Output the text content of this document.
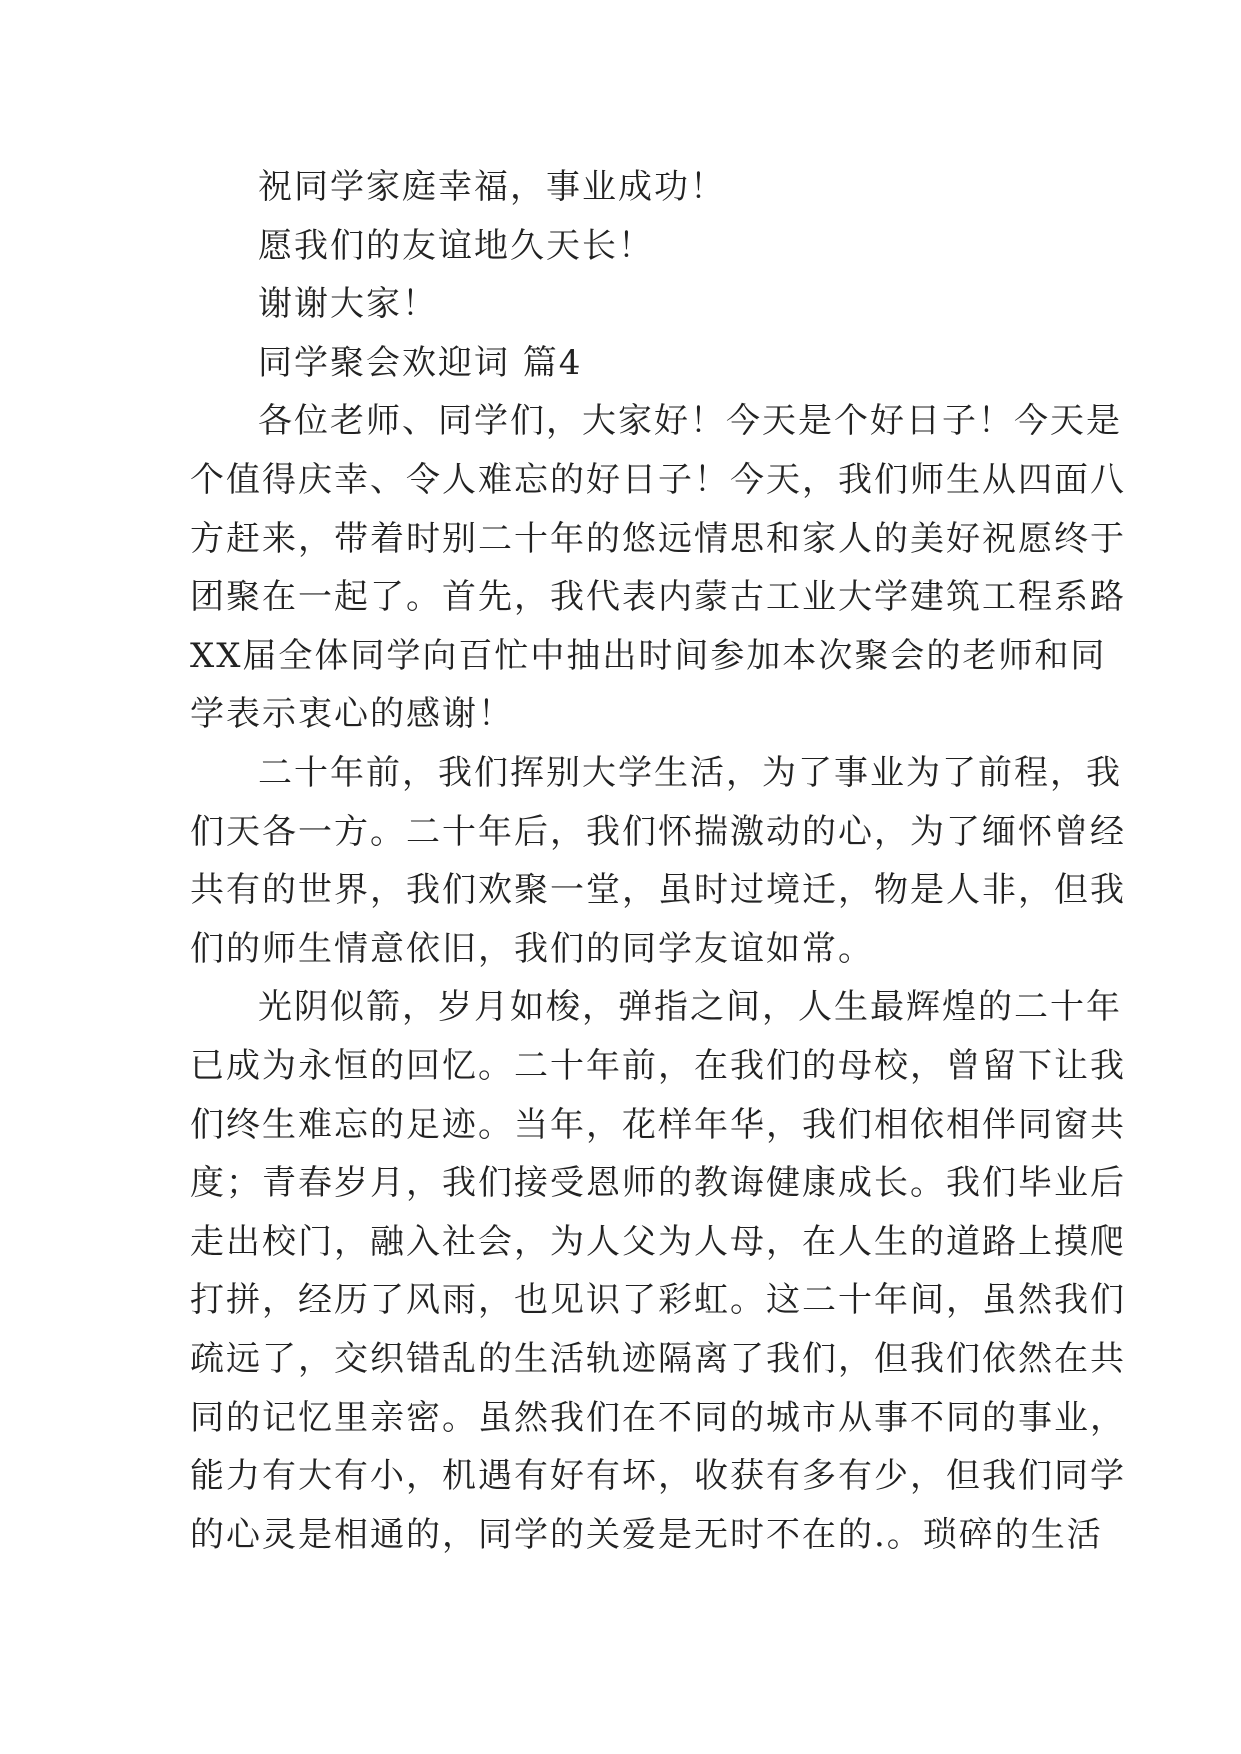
祝同学家庭幸福，事业成功！

愿我们的友谊地久天长！

谢谢大家！

同学聚会欢迎词 篇4

各位老师、同学们，大家好！今天是个好日子！今天是

个值得庆幸、令人难忘的好日子！今天，我们师生从四面八

方赶来，带着时别二十年的悠远情思和家人的美好祝愿终于

团聚在一起了。首先，我代表内蒙古工业大学建筑工程系路

XX届全体同学向百忙中抽出时间参加本次聚会的老师和同

学表示衷心的感谢！

二十年前，我们挥别大学生活，为了事业为了前程，我

们天各一方。二十年后，我们怀揣激动的心，为了缅怀曾经

共有的世界，我们欢聚一堂，虽时过境迁，物是人非，但我

们的师生情意依旧，我们的同学友谊如常。

光阴似箭，岁月如梭，弹指之间，人生最辉煌的二十年

已成为永恒的回忆。二十年前，在我们的母校，曾留下让我

们终生难忘的足迹。当年，花样年华，我们相依相伴同窗共

度；青春岁月，我们接受恩师的教诲健康成长。我们毕业后

走出校门，融入社会，为人父为人母，在人生的道路上摸爬

打拼，经历了风雨，也见识了彩虹。这二十年间，虽然我们

疏远了，交织错乱的生活轨迹隔离了我们，但我们依然在共

同的记忆里亲密。虽然我们在不同的城市从事不同的事业，

能力有大有小，机遇有好有坏，收获有多有少，但我们同学

的心灵是相通的，同学的关爱是无时不在的.。琐碎的生活
